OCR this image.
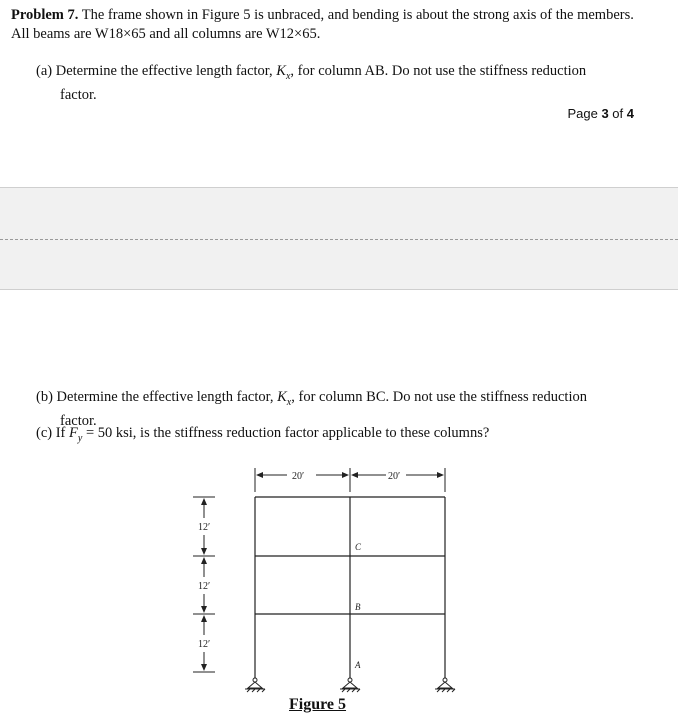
Problem 7. The frame shown in Figure 5 is unbraced, and bending is about the strong axis of the members. All beams are W18×65 and all columns are W12×65.
(a) Determine the effective length factor, $K_x$, for column AB. Do not use the stiffness reduction
factor.
Page 3 of 4
(b) Determine the effective length factor, $K_x$, for column BC. Do not use the stiffness reduction
factor.
(c) If $F_y = 50$ ksi, is the stiffness reduction factor applicable to these columns?
20′	20′
12′
12′
12′
C
B
A
Figure 5
